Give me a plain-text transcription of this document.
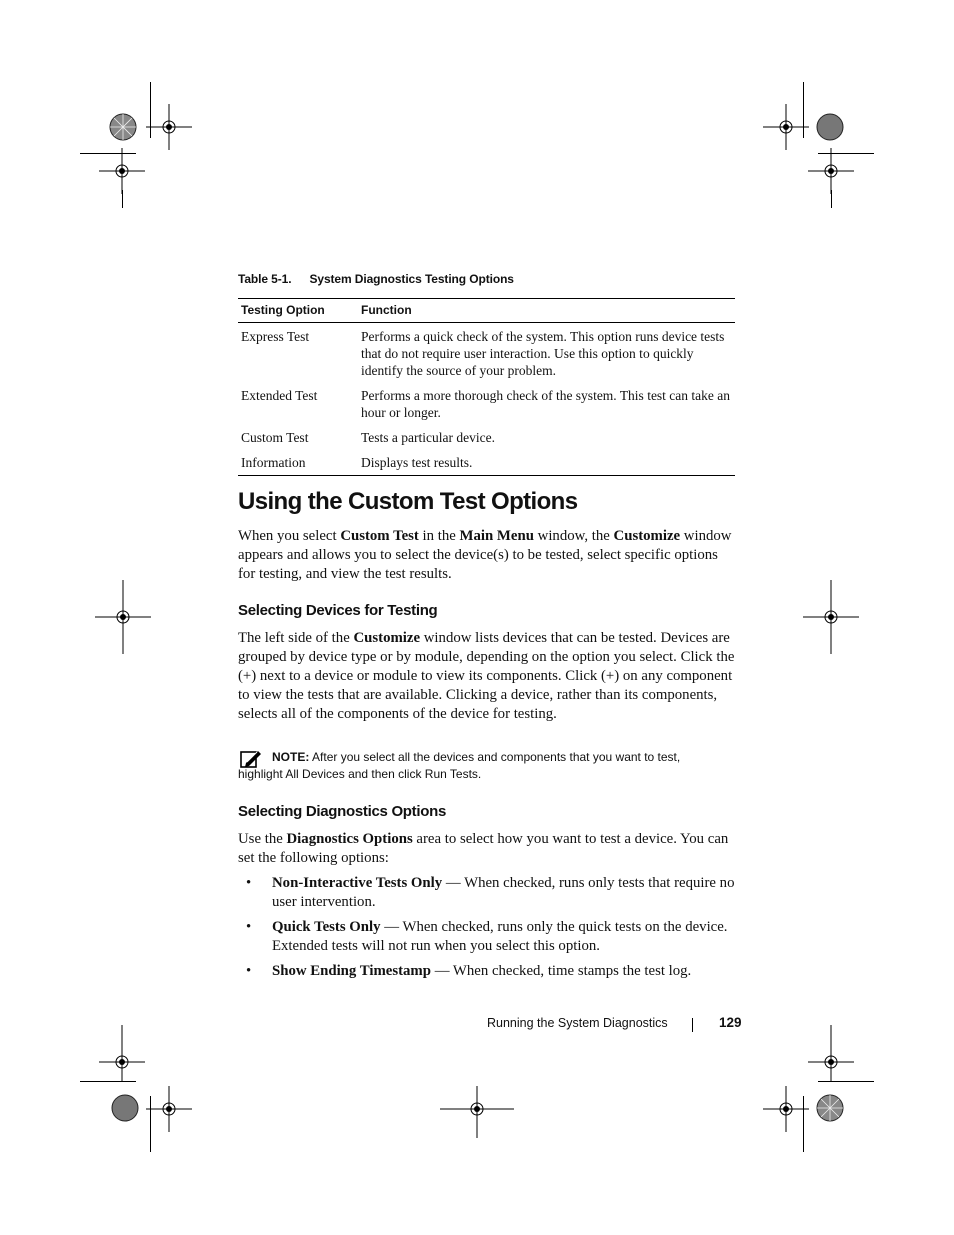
Table 5-1. System Diagnostics Testing Options
Testing Option	Function
Express Test	Performs a quick check of the system. This option runs device tests that do not require user interaction. Use this option to quickly identify the source of your problem.
Extended Test	Performs a more thorough check of the system. This test can take an hour or longer.
Custom Test	Tests a particular device.
Information	Displays test results.
Using the Custom Test Options

When you select Custom Test in the Main Menu window, the Customize window appears and allows you to select the device(s) to be tested, select specific options for testing, and view the test results.

Selecting Devices for Testing

The left side of the Customize window lists devices that can be tested. Devices are grouped by device type or by module, depending on the option you select. Click the (+) next to a device or module to view its components. Click (+) on any component to view the tests that are available. Clicking a device, rather than its components, selects all of the components of the device for testing.

NOTE: After you select all the devices and components that you want to test,
highlight All Devices and then click Run Tests.
Selecting Diagnostics Options

Use the Diagnostics Options area to select how you want to test a device. You can set the following options:

• Non-Interactive Tests Only — When checked, runs only tests that require no user intervention.
• Quick Tests Only — When checked, runs only the quick tests on the device. Extended tests will not run when you select this option.
• Show Ending Timestamp — When checked, time stamps the test log.
Running the System Diagnostics	129
